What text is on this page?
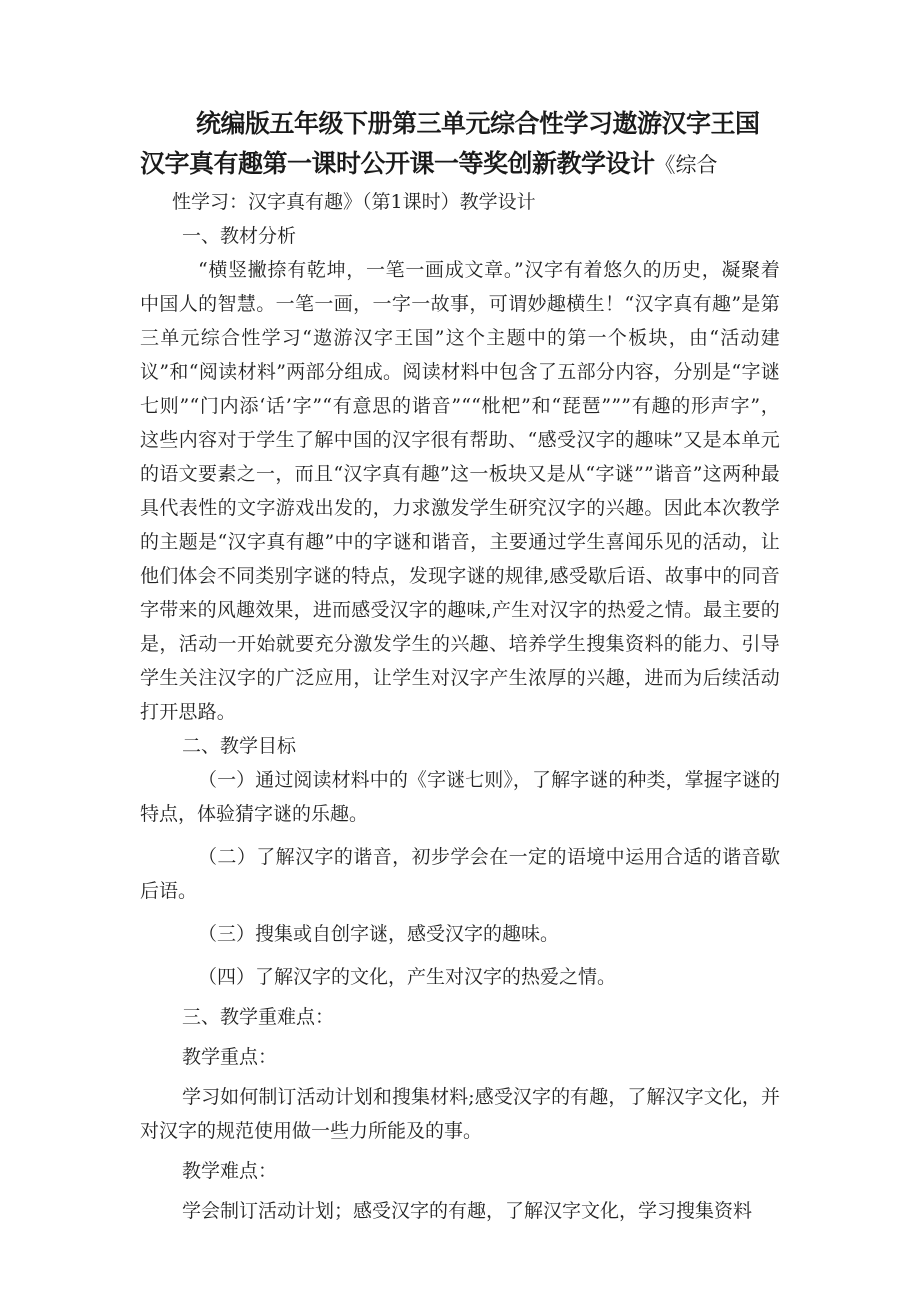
统编版五年级下册第三单元综合性学习遨游汉字王国
汉字真有趣第一课时公开课一等奖创新教学设计《综合

性学习：汉字真有趣》（第1课时）教学设计

一、教材分析

“横竖撇捺有乾坤，一笔一画成文章。”汉字有着悠久的历史，凝聚着中国人的智慧。一笔一画，一字一故事，可谓妙趣横生！“汉字真有趣”是第三单元综合性学习“遨游汉字王国”这个主题中的第一个板块，由“活动建议”和“阅读材料”两部分组成。阅读材料中包含了五部分内容，分别是“字谜七则”“门内添‘话’字”“有意思的谐音”““枇杷”和“琵琶”””有趣的形声字”，这些内容对于学生了解中国的汉字很有帮助、“感受汉字的趣味”又是本单元的语文要素之一，而且“汉字真有趣”这一板块又是从“字谜””谐音”这两种最具代表性的文字游戏出发的，力求激发学生研究汉字的兴趣。因此本次教学的主题是“汉字真有趣”中的字谜和谐音，主要通过学生喜闻乐见的活动，让他们体会不同类别字谜的特点，发现字谜的规律,感受歇后语、故事中的同音字带来的风趣效果，进而感受汉字的趣味,产生对汉字的热爱之情。最主要的是，活动一开始就要充分激发学生的兴趣、培养学生搜集资料的能力、引导学生关注汉字的广泛应用，让学生对汉字产生浓厚的兴趣，进而为后续活动打开思路。

二、教学目标

（一）通过阅读材料中的《字谜七则》，了解字谜的种类，掌握字谜的特点，体验猜字谜的乐趣。

（二）了解汉字的谐音，初步学会在一定的语境中运用合适的谐音歇后语。

（三）搜集或自创字谜，感受汉字的趣味。

（四）了解汉字的文化，产生对汉字的热爱之情。

三、教学重难点：

教学重点：

学习如何制订活动计划和搜集材料;感受汉字的有趣，了解汉字文化，并对汉字的规范使用做一些力所能及的事。

教学难点：

学会制订活动计划；感受汉字的有趣，了解汉字文化，学习搜集资料
